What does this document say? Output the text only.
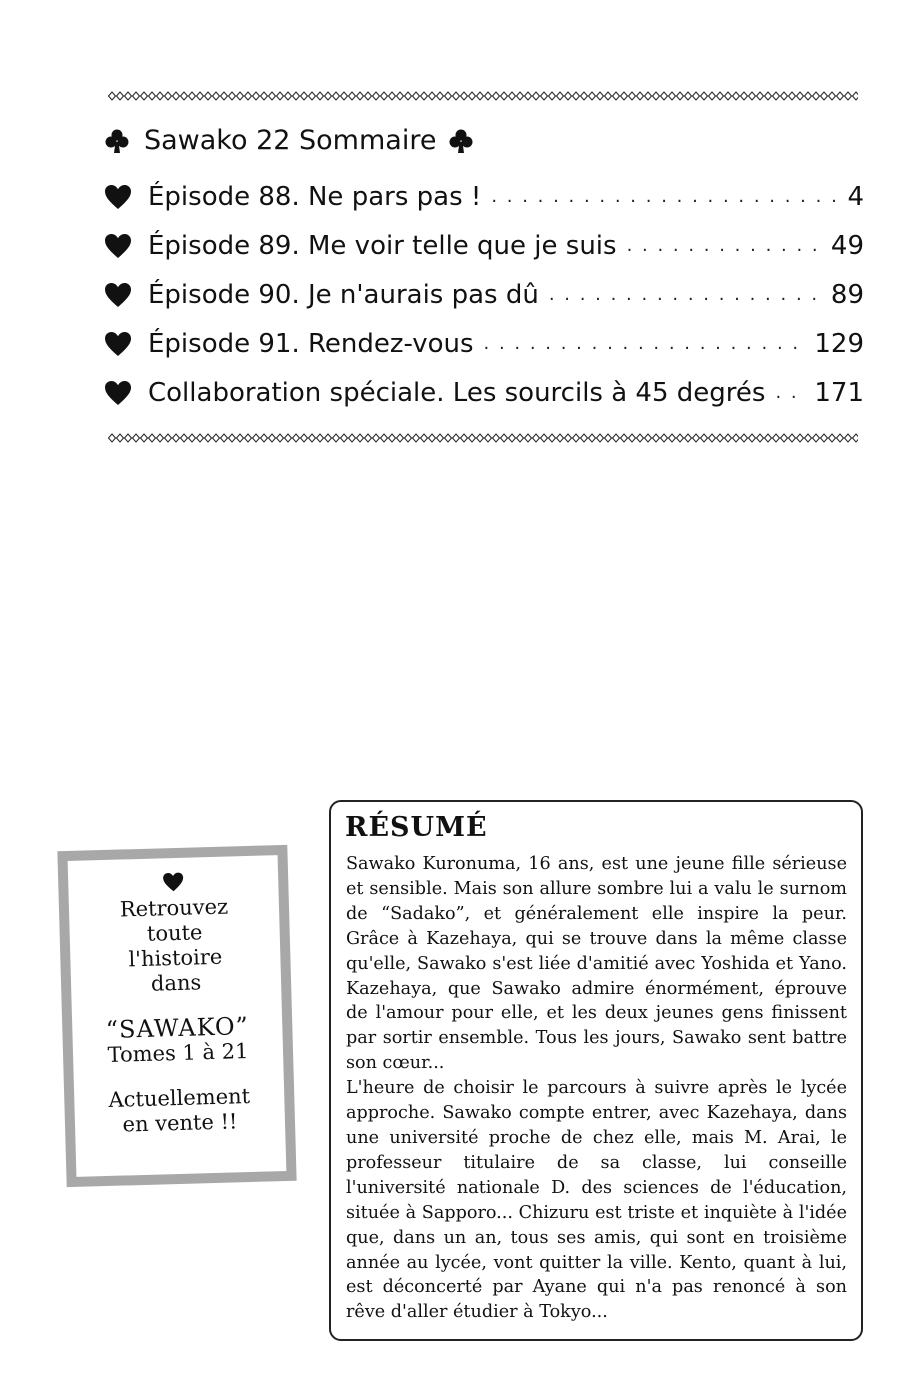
Sawako 22 Sommaire
Épisode 88. Ne pars pas ! . . .	4
Épisode 89. Me voir telle que je suis . . .	49
Épisode 90. Je n'aurais pas dû . . .	89
Épisode 91. Rendez-vous . . .	129
Collaboration spéciale. Les sourcils à 45 degrés . . . 171
Retrouvez
toute
l'histoire
dans
“SAWAKO”
Tomes 1 à 21
Actuellement
en vente !!
RÉSUMÉ

Sawako Kuronuma, 16 ans, est une jeune fille sérieuse et sensible. Mais son allure sombre lui a valu le surnom de “Sadako”, et généralement elle inspire la peur. Grâce à Kazehaya, qui se trouve dans la même classe qu'elle, Sawako s'est liée d'amitié avec Yoshida et Yano. Kazehaya, que Sawako admire énormément, éprouve de l'amour pour elle, et les deux jeunes gens finissent par sortir ensemble. Tous les jours, Sawako sent battre son cœur...

L'heure de choisir le parcours à suivre après le lycée approche. Sawako compte entrer, avec Kazehaya, dans une université proche de chez elle, mais M. Arai, le professeur titulaire de sa classe, lui conseille l'université nationale D. des sciences de l'éducation, située à Sapporo... Chizuru est triste et inquiète à l'idée que, dans un an, tous ses amis, qui sont en troisième année au lycée, vont quitter la ville. Kento, quant à lui, est déconcerté par Ayane qui n'a pas renoncé à son rêve d'aller étudier à Tokyo...
